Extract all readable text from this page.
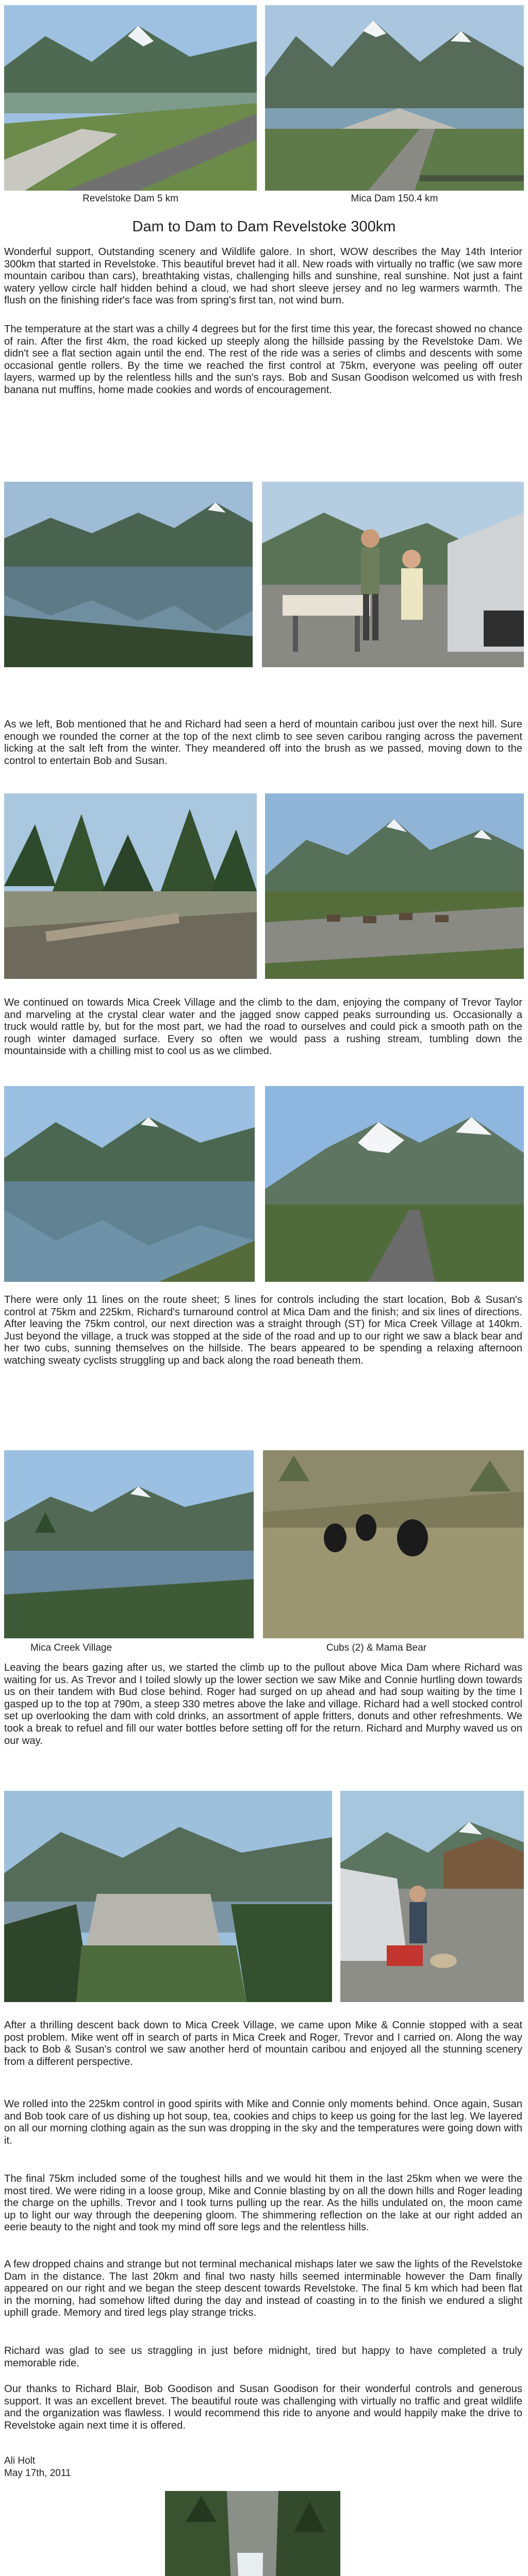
Revelstoke Dam 5 km	Mica Dam 150.4 km
Dam to Dam to Dam Revelstoke 300km

Wonderful support, Outstanding scenery and Wildlife galore. In short, WOW describes the May 14th Interior 300km that started in Revelstoke. This beautiful brevet had it all. New roads with virtually no traffic (we saw more mountain caribou than cars), breathtaking vistas, challenging hills and sunshine, real sunshine. Not just a faint watery yellow circle half hidden behind a cloud, we had short sleeve jersey and no leg warmers warmth. The flush on the finishing rider's face was from spring's first tan, not wind burn.

The temperature at the start was a chilly 4 degrees but for the first time this year, the forecast showed no chance of rain. After the first 4km, the road kicked up steeply along the hillside passing by the Revelstoke Dam. We didn't see a flat section again until the end. The rest of the ride was a series of climbs and descents with some occasional gentle rollers. By the time we reached the first control at 75km, everyone was peeling off outer layers, warmed up by the relentless hills and the sun's rays. Bob and Susan Goodison welcomed us with fresh banana nut muffins, home made cookies and words of encouragement.

As we left, Bob mentioned that he and Richard had seen a herd of mountain caribou just over the next hill. Sure enough we rounded the corner at the top of the next climb to see seven caribou ranging across the pavement licking at the salt left from the winter. They meandered off into the brush as we passed, moving down to the control to entertain Bob and Susan.

We continued on towards Mica Creek Village and the climb to the dam, enjoying the company of Trevor Taylor and marveling at the crystal clear water and the jagged snow capped peaks surrounding us. Occasionally a truck would rattle by, but for the most part, we had the road to ourselves and could pick a smooth path on the rough winter damaged surface. Every so often we would pass a rushing stream, tumbling down the mountainside with a chilling mist to cool us as we climbed.

There were only 11 lines on the route sheet; 5 lines for controls including the start location, Bob & Susan's control at 75km and 225km, Richard's turnaround control at Mica Dam and the finish; and six lines of directions. After leaving the 75km control, our next direction was a straight through (ST) for Mica Creek Village at 140km. Just beyond the village, a truck was stopped at the side of the road and up to our right we saw a black bear and her two cubs, sunning themselves on the hillside. The bears appeared to be spending a relaxing afternoon watching sweaty cyclists struggling up and back along the road beneath them.

Mica Creek Village	Cubs (2) & Mama Bear

Leaving the bears gazing after us, we started the climb up to the pullout above Mica Dam where Richard was waiting for us. As Trevor and I toiled slowly up the lower section we saw Mike and Connie hurtling down towards us on their tandem with Bud close behind. Roger had surged on up ahead and had soup waiting by the time I gasped up to the top at 790m, a steep 330 metres above the lake and village. Richard had a well stocked control set up overlooking the dam with cold drinks, an assortment of apple fritters, donuts and other refreshments. We took a break to refuel and fill our water bottles before setting off for the return. Richard and Murphy waved us on our way.

After a thrilling descent back down to Mica Creek Village, we came upon Mike & Connie stopped with a seat post problem. Mike went off in search of parts in Mica Creek and Roger, Trevor and I carried on. Along the way back to Bob & Susan's control we saw another herd of mountain caribou and enjoyed all the stunning scenery from a different perspective.

We rolled into the 225km control in good spirits with Mike and Connie only moments behind. Once again, Susan and Bob took care of us dishing up hot soup, tea, cookies and chips to keep us going for the last leg. We layered on all our morning clothing again as the sun was dropping in the sky and the temperatures were going down with it.

The final 75km included some of the toughest hills and we would hit them in the last 25km when we were the most tired. We were riding in a loose group, Mike and Connie blasting by on all the down hills and Roger leading the charge on the uphills. Trevor and I took turns pulling up the rear. As the hills undulated on, the moon came up to light our way through the deepening gloom. The shimmering reflection on the lake at our right added an eerie beauty to the night and took my mind off sore legs and the relentless hills.

A few dropped chains and strange but not terminal mechanical mishaps later we saw the lights of the Revelstoke Dam in the distance. The last 20km and final two nasty hills seemed interminable however the Dam finally appeared on our right and we began the steep descent towards Revelstoke. The final 5 km which had been flat in the morning, had somehow lifted during the day and instead of coasting in to the finish we endured a slight uphill grade. Memory and tired legs play strange tricks.

Richard was glad to see us straggling in just before midnight, tired but happy to have completed a truly memorable ride.

Our thanks to Richard Blair, Bob Goodison and Susan Goodison for their wonderful controls and generous support. It was an excellent brevet. The beautiful route was challenging with virtually no traffic and great wildlife and the organization was flawless. I would recommend this ride to anyone and would happily make the drive to Revelstoke again next time it is offered.

Ali Holt
May 17th, 2011
